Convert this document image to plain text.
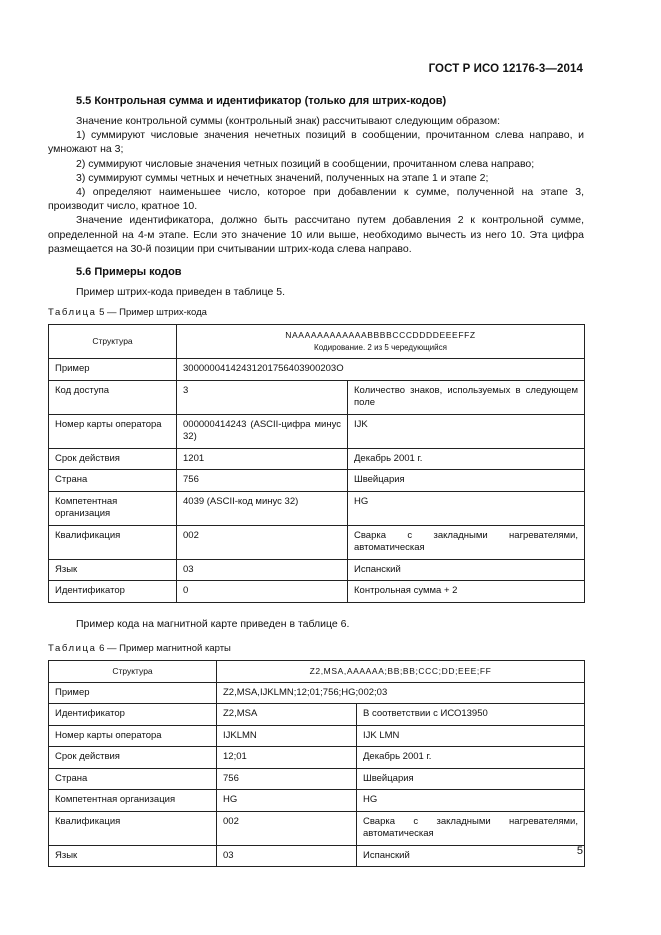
ГОСТ Р ИСО 12176-3—2014
5.5 Контрольная сумма и идентификатор (только для штрих-кодов)

Значение контрольной суммы (контрольный знак) рассчитывают следующим образом:

1) суммируют числовые значения нечетных позиций в сообщении, прочитанном слева направо, и умножают на 3;

2) суммируют числовые значения четных позиций в сообщении, прочитанном слева направо;

3) суммируют суммы четных и нечетных значений, полученных на этапе 1 и этапе 2;

4) определяют наименьшее число, которое при добавлении к сумме, полученной на этапе 3, производит число, кратное 10.

Значение идентификатора, должно быть рассчитано путем добавления 2 к контрольной сумме, определенной на 4-м этапе. Если это значение 10 или выше, необходимо вычесть из него 10. Эта цифра размещается на 30-й позиции при считывании штрих-кода слева направо.

5.6 Примеры кодов

Пример штрих-кода приведен в таблице 5.

Таблица 5 — Пример штрих-кода
Структура	NAAAAAAAAAAAABBBBCCCDDDDEEEFFZ
Кодирование. 2 из 5 чередующийся	

Пример	30000004142431201756403900203О	
Код доступа	3	Количество знаков, используемых в следующем поле
Номер карты оператора	000000414243 (ASCII-цифра минус 32)	IJK
Срок действия	1201	Декабрь 2001 г.
Страна	756	Швейцария
Компетентная организация	4039 (ASCII-код минус 32)	HG
Квалификация	002	Сварка с закладными нагревателями, автоматическая
Язык	03	Испанский
Идентификатор	0	Контрольная сумма + 2

Пример кода на магнитной карте приведен в таблице 6.

Таблица 6 — Пример магнитной карты
Структура	Z2,MSA,AAAAAA;BB;BB;CCC;DD;EEE;FF	
Пример	Z2,MSA,IJKLMN;12;01;756;HG;002;03	
Идентификатор	Z2,MSA	В соответствии с ИСО13950
Номер карты оператора	IJKLMN	IJK LMN
Срок действия	12;01	Декабрь 2001 г.
Страна	756	Швейцария
Компетентная организация	HG	HG
Квалификация	002	Сварка с закладными нагревателями, автоматическая
Язык	03	Испанский	5
